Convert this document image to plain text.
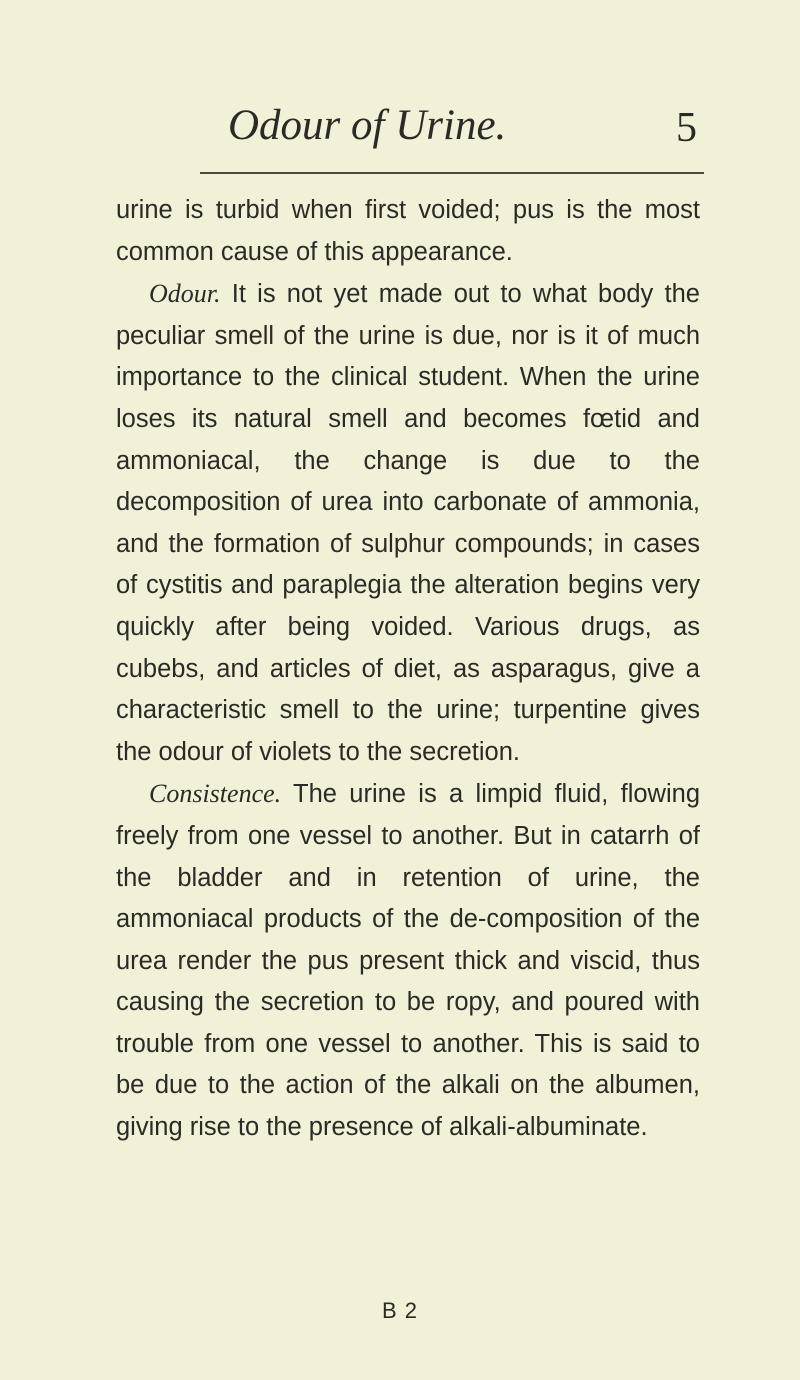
Odour of Urine.	5

urine is turbid when first voided; pus is the most common cause of this appearance.

Odour. It is not yet made out to what body the peculiar smell of the urine is due, nor is it of much importance to the clinical student. When the urine loses its natural smell and becomes fœtid and ammoniacal, the change is due to the decomposition of urea into carbonate of ammonia, and the formation of sulphur compounds; in cases of cystitis and paraplegia the alteration begins very quickly after being voided. Various drugs, as cubebs, and articles of diet, as asparagus, give a characteristic smell to the urine; turpentine gives the odour of violets to the secretion.

Consistence. The urine is a limpid fluid, flowing freely from one vessel to another. But in catarrh of the bladder and in retention of urine, the ammoniacal products of the de-composition of the urea render the pus present thick and viscid, thus causing the secretion to be ropy, and poured with trouble from one vessel to another. This is said to be due to the action of the alkali on the albumen, giving rise to the presence of alkali-albuminate.

B 2
